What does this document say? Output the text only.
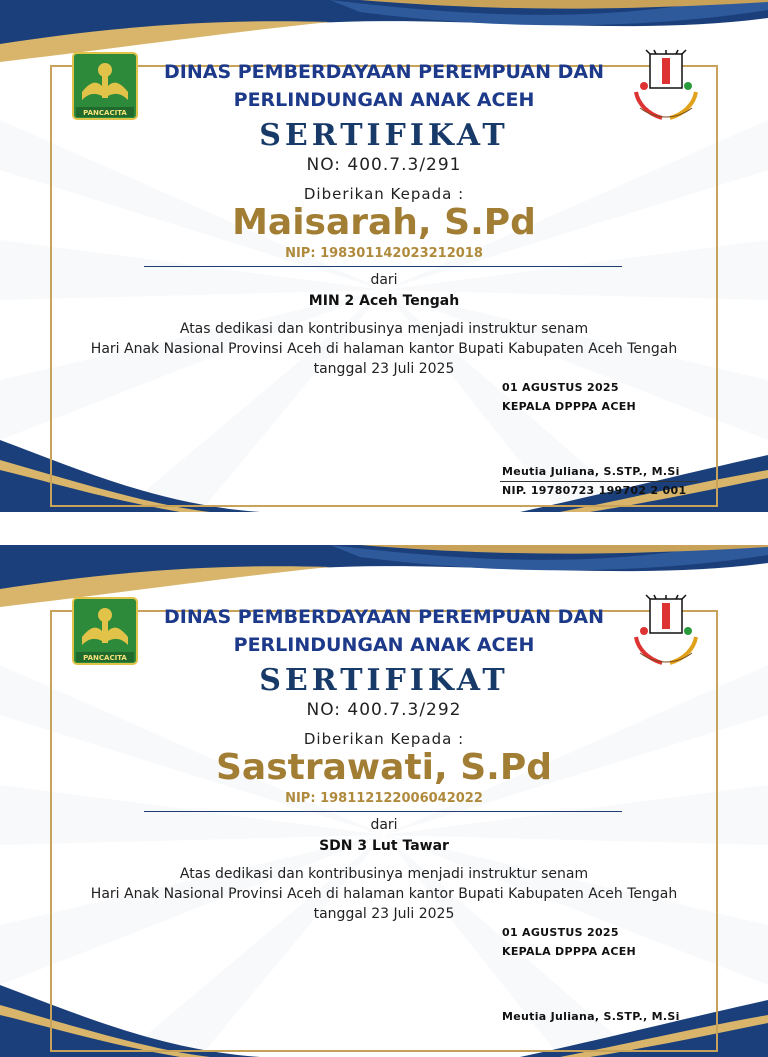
PANCACITA
DINAS PEMBERDAYAAN PEREMPUAN DAN
PERLINDUNGAN ANAK ACEH
SERTIFIKAT
NO: 400.7.3/291
Diberikan Kepada :
Maisarah, S.Pd
NIP: 198301142023212018
dari
MIN 2 Aceh Tengah
Atas dedikasi dan kontribusinya menjadi instruktur senam
Hari Anak Nasional Provinsi Aceh di halaman kantor Bupati Kabupaten Aceh Tengah
tanggal 23 Juli 2025
01 AGUSTUS 2025
KEPALA DPPPA ACEH
Meutia Juliana, S.STP., M.Si
NIP. 19780723 199702 2 001
PANCACITA
DINAS PEMBERDAYAAN PEREMPUAN DAN
PERLINDUNGAN ANAK ACEH
SERTIFIKAT
NO: 400.7.3/292
Diberikan Kepada :
Sastrawati, S.Pd
NIP: 198112122006042022
dari
SDN 3 Lut Tawar
Atas dedikasi dan kontribusinya menjadi instruktur senam
Hari Anak Nasional Provinsi Aceh di halaman kantor Bupati Kabupaten Aceh Tengah
tanggal 23 Juli 2025
01 AGUSTUS 2025
KEPALA DPPPA ACEH
Meutia Juliana, S.STP., M.Si
